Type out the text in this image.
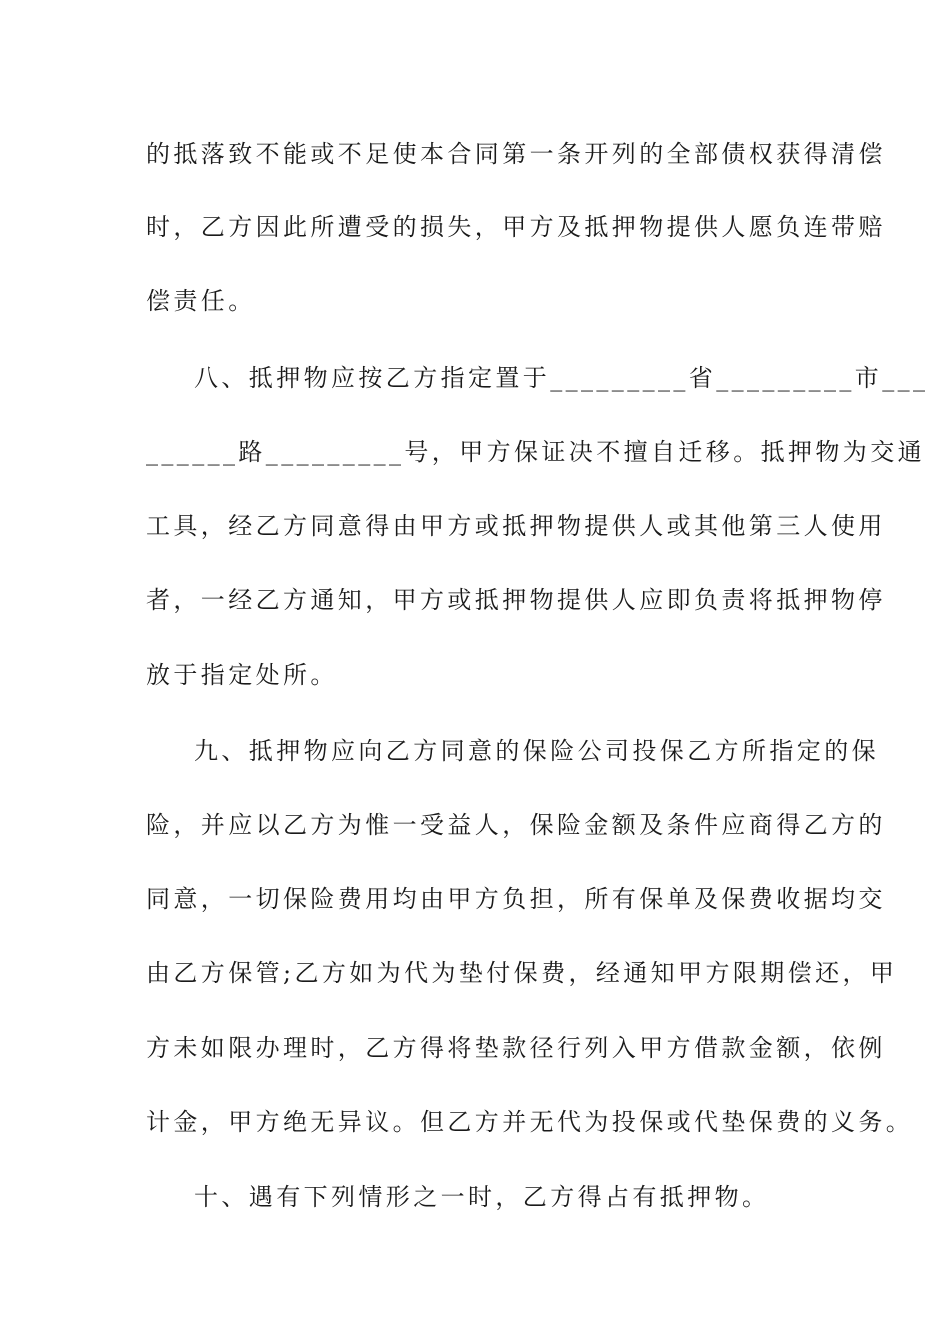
的抵落致不能或不足使本合同第一条开列的全部债权获得清偿
时，乙方因此所遭受的损失，甲方及抵押物提供人愿负连带赔
偿责任。
八、抵押物应按乙方指定置于_________省_________市___
______路_________号，甲方保证决不擅自迁移。抵押物为交通
工具，经乙方同意得由甲方或抵押物提供人或其他第三人使用
者，一经乙方通知，甲方或抵押物提供人应即负责将抵押物停
放于指定处所。
九、抵押物应向乙方同意的保险公司投保乙方所指定的保
险，并应以乙方为惟一受益人，保险金额及条件应商得乙方的
同意，一切保险费用均由甲方负担，所有保单及保费收据均交
由乙方保管;乙方如为代为垫付保费，经通知甲方限期偿还，甲
方未如限办理时，乙方得将垫款径行列入甲方借款金额，依例
计金，甲方绝无异议。但乙方并无代为投保或代垫保费的义务。
十、遇有下列情形之一时，乙方得占有抵押物。
